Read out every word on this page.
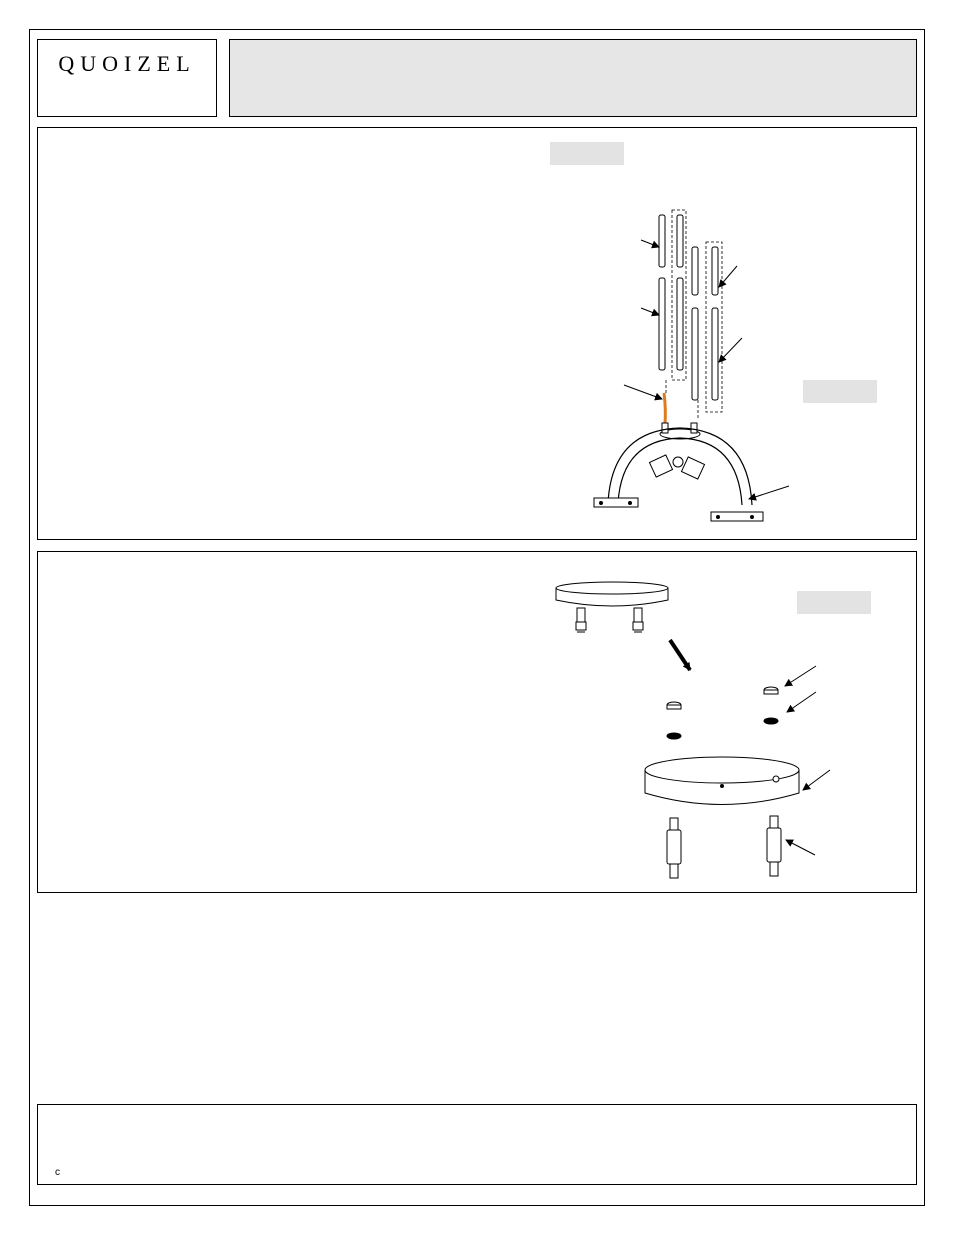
QUOIZEL
c
